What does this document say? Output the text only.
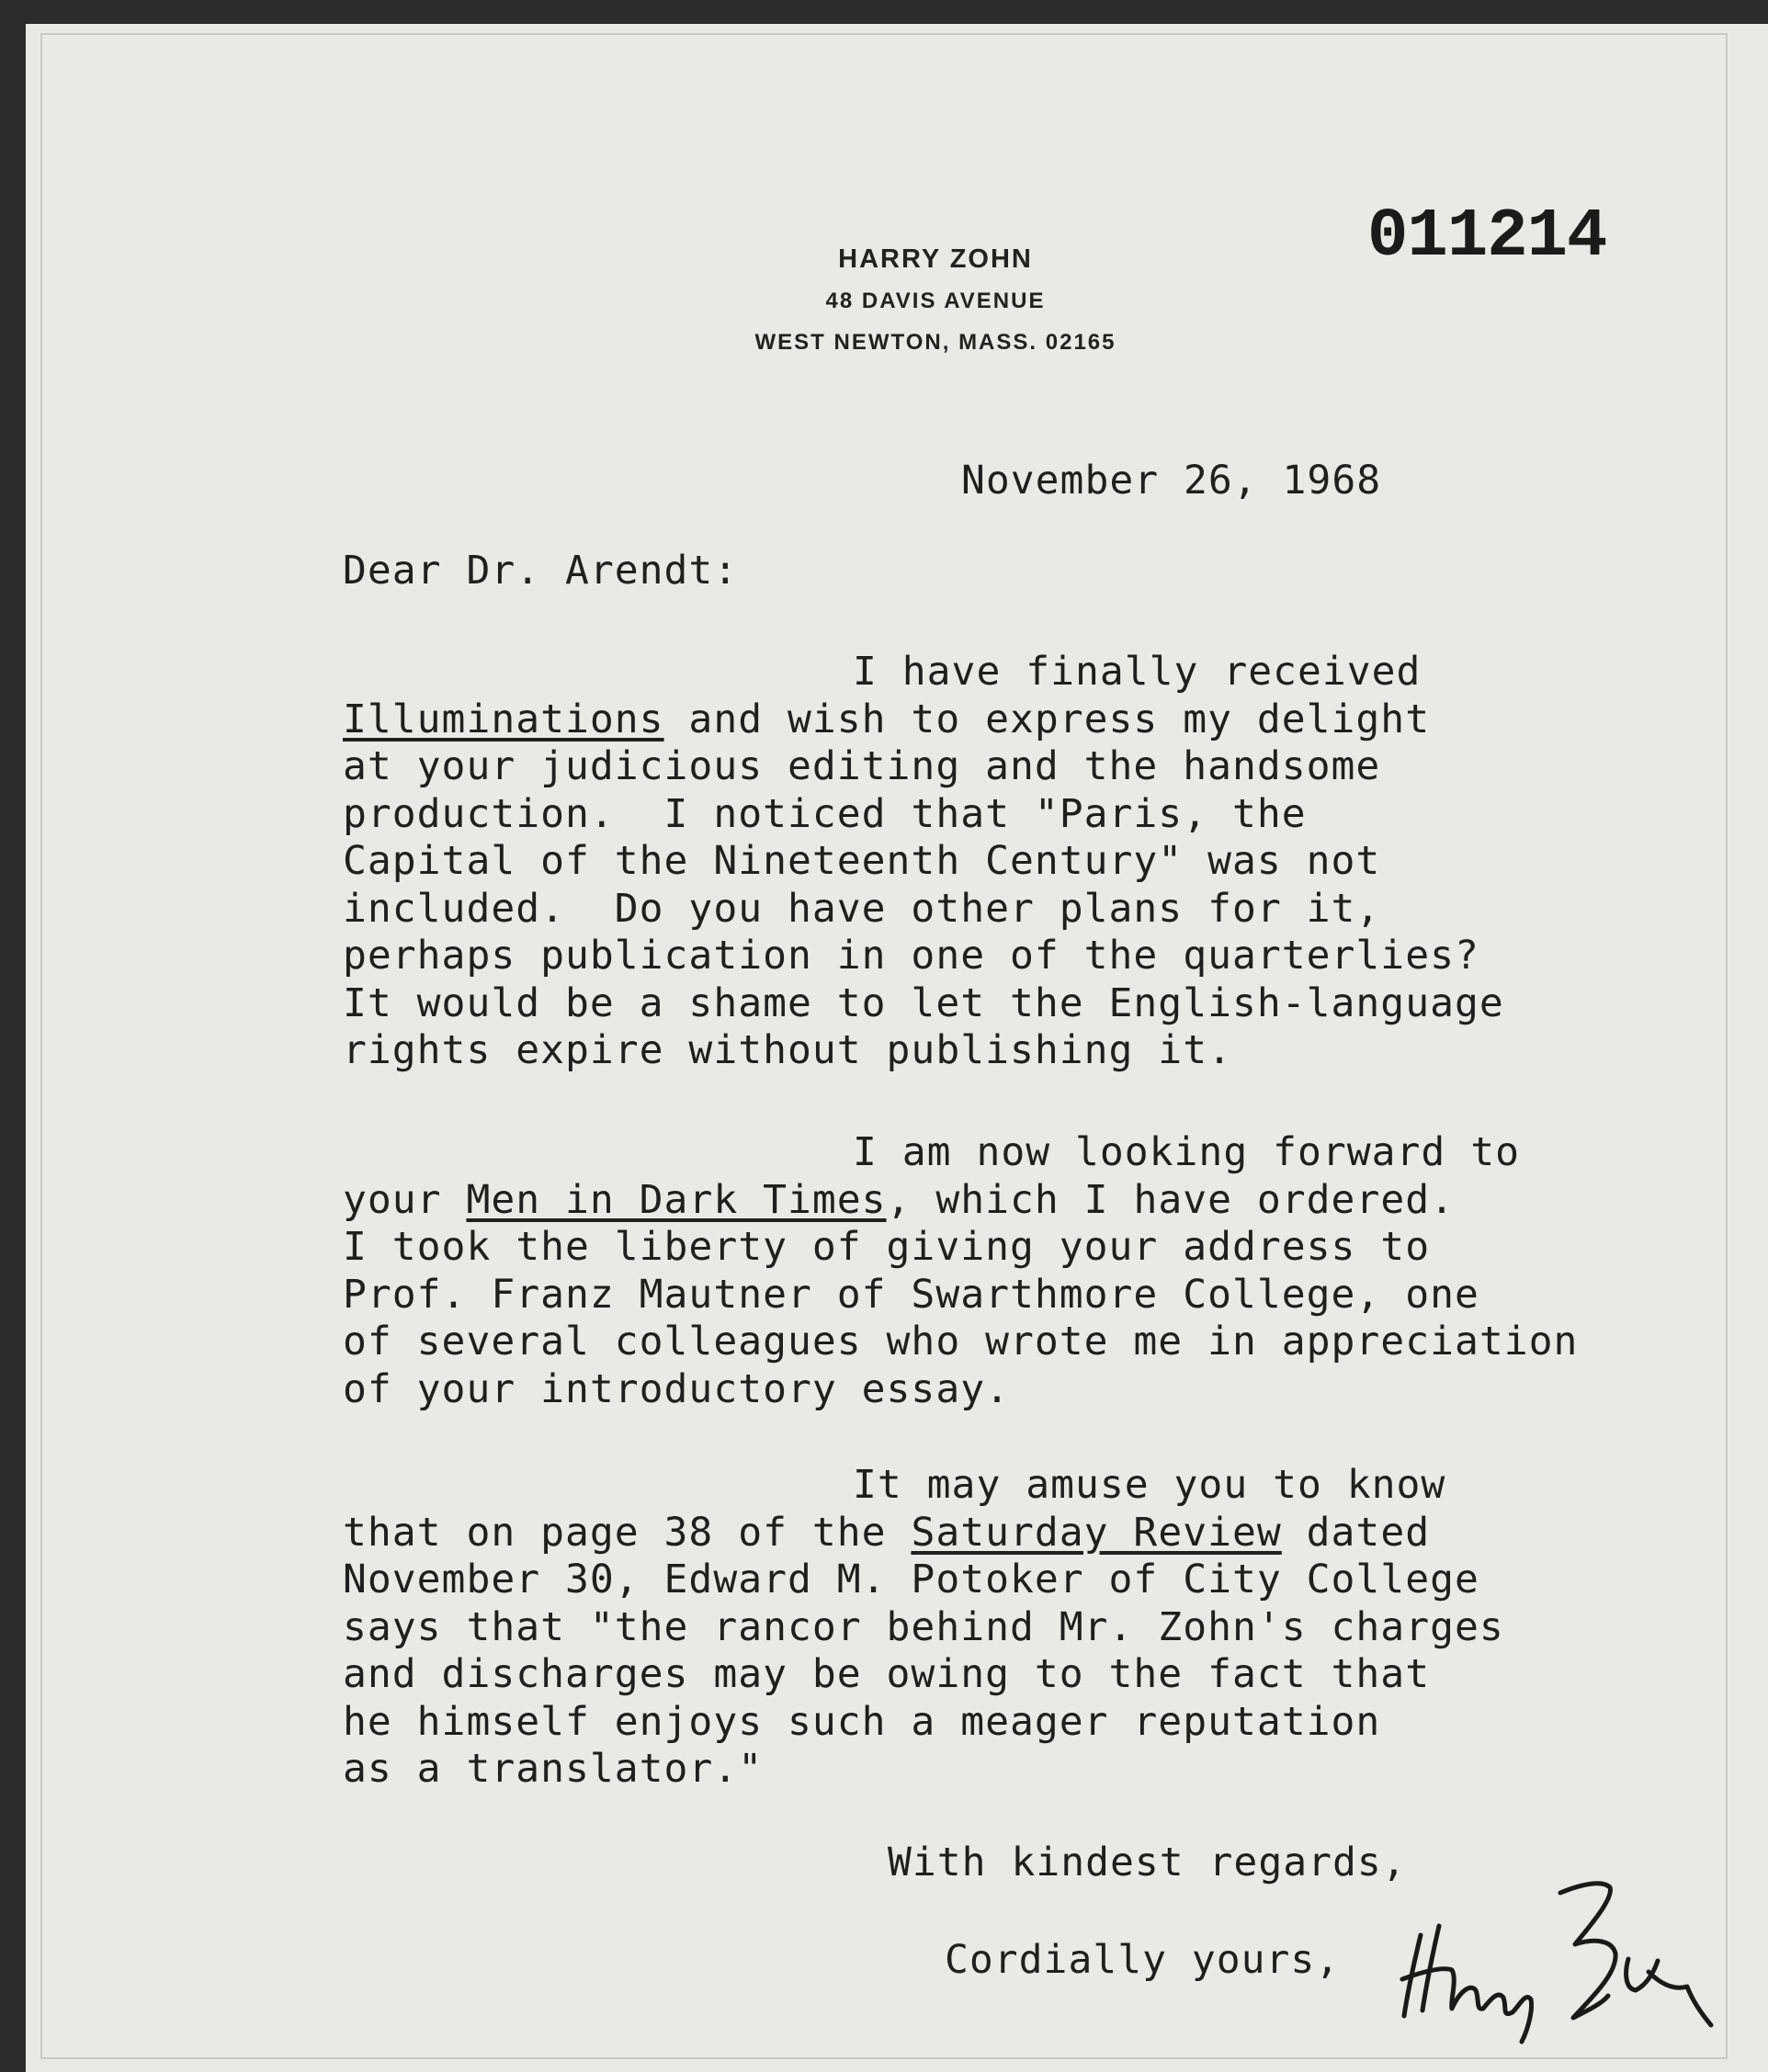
011214
HARRY ZOHN
48 DAVIS AVENUE
WEST NEWTON, MASS. 02165
November 26, 1968
Dear Dr. Arendt:
I have finally received
Illuminations and wish to express my delight
at your judicious editing and the handsome
production.  I noticed that "Paris, the
Capital of the Nineteenth Century" was not
included.  Do you have other plans for it,
perhaps publication in one of the quarterlies?
It would be a shame to let the English-language
rights expire without publishing it.
I am now looking forward to
your Men in Dark Times, which I have ordered.
I took the liberty of giving your address to
Prof. Franz Mautner of Swarthmore College, one
of several colleagues who wrote me in appreciation
of your introductory essay.
It may amuse you to know
that on page 38 of the Saturday Review dated
November 30, Edward M. Potoker of City College
says that "the rancor behind Mr. Zohn's charges
and discharges may be owing to the fact that
he himself enjoys such a meager reputation
as a translator."
With kindest regards,
Cordially yours,
